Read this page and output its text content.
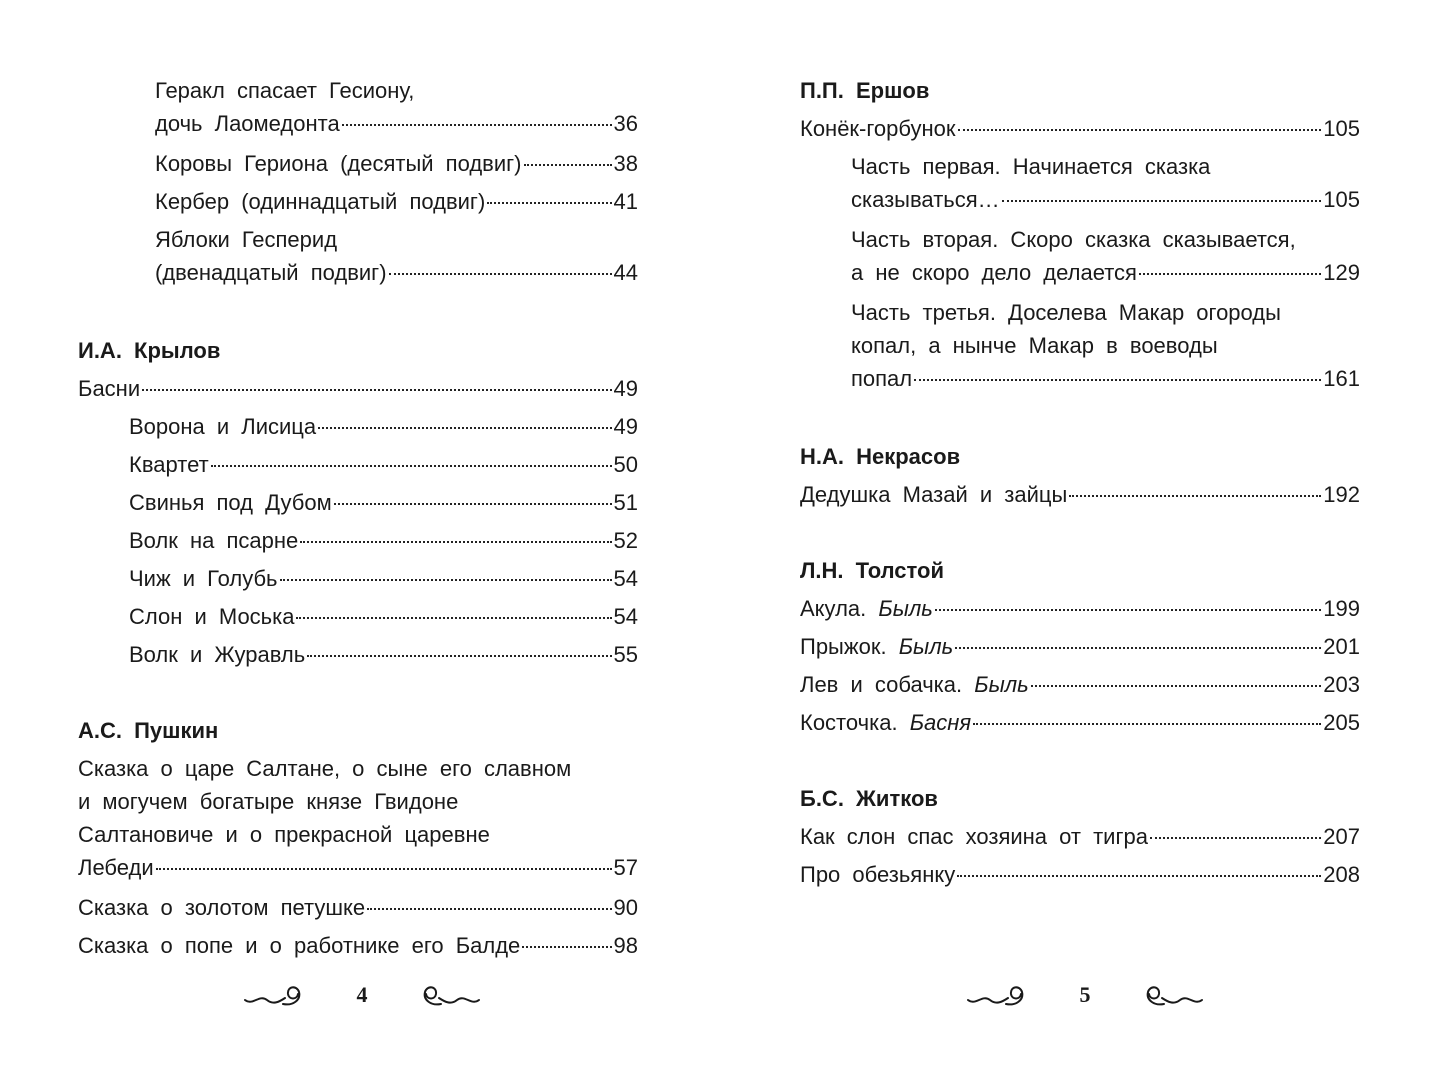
Геракл спасает Гесиону,
дочь Лаомедонта	36
Коровы Гериона (десятый подвиг)	38
Кербер (одиннадцатый подвиг)	41
Яблоки Гесперид
(двенадцатый подвиг)	44
И.А. Крылов
Басни	49
Ворона и Лисица	49
Квартет	50
Свинья под Дубом	51
Волк на псарне	52
Чиж и Голубь	54
Слон и Моська	54
Волк и Журавль	55
А.С. Пушкин
Сказка о царе Салтане, о сыне его славном
и могучем богатыре князе Гвидоне
Салтановиче и о прекрасной царевне
Лебеди	57
Сказка о золотом петушке	90
Сказка о попе и о работнике его Балде	98
4
П.П. Ершов
Конёк-горбунок	105
Часть первая. Начинается сказка
сказываться…	105
Часть вторая. Скоро сказка сказывается,
а не скоро дело делается	129
Часть третья. Доселева Макар огороды
копал, а нынче Макар в воеводы
попал	161
Н.А. Некрасов
Дедушка Мазай и зайцы	192
Л.Н. Толстой
Акула. Быль	199
Прыжок. Быль	201
Лев и собачка. Быль	203
Косточка. Басня	205
Б.С. Житков
Как слон спас хозяина от тигра	207
Про обезьянку	208
5
